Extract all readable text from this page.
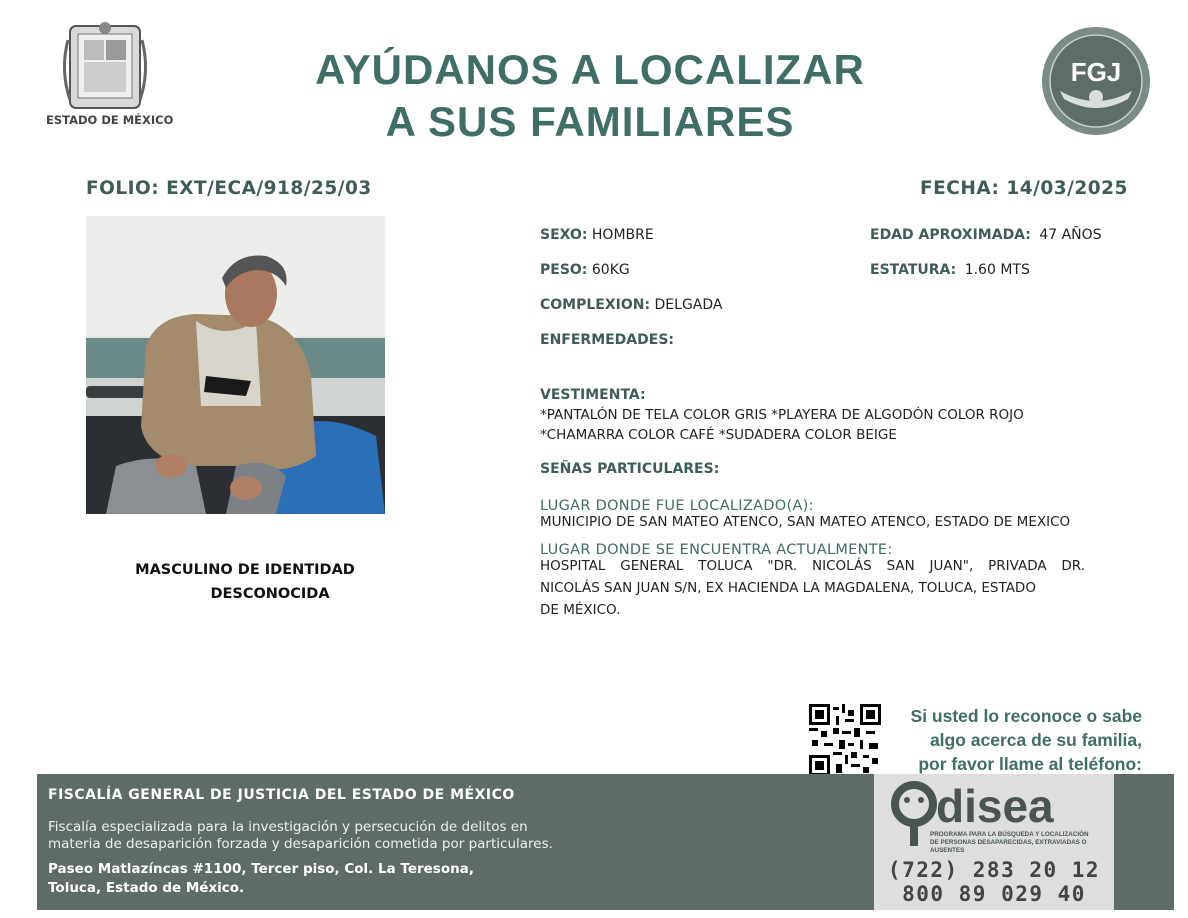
ESTADO DE MÉXICO
AYÚDANOS A LOCALIZAR
A SUS FAMILIARES
FGJ
FOLIO: EXT/ECA/918/25/03	FECHA: 14/03/2025
MASCULINO DE IDENTIDAD
DESCONOCIDA
SEXO: HOMBRE	EDAD APROXIMADA: 47 AÑOS
PESO: 60KG	ESTATURA: 1.60 MTS
COMPLEXION: DELGADA
ENFERMEDADES:
VESTIMENTA:
*PANTALÓN DE TELA COLOR GRIS *PLAYERA DE ALGODÓN COLOR ROJO
*CHAMARRA COLOR CAFÉ *SUDADERA COLOR BEIGE
SEÑAS PARTICULARES:
LUGAR DONDE FUE LOCALIZADO(A):
MUNICIPIO DE SAN MATEO ATENCO, SAN MATEO ATENCO, ESTADO DE MEXICO
LUGAR DONDE SE ENCUENTRA ACTUALMENTE:
HOSPITAL GENERAL TOLUCA "DR. NICOLÁS SAN JUAN", PRIVADA DR.
NICOLÁS SAN JUAN S/N, EX HACIENDA LA MAGDALENA, TOLUCA, ESTADO
DE MÉXICO.
Si usted lo reconoce o sabe
algo acerca de su familia,
por favor llame al teléfono:
FISCALÍA GENERAL DE JUSTICIA DEL ESTADO DE MÉXICO
Fiscalía especializada para la investigación y persecución de delitos en
materia de desaparición forzada y desaparición cometida por particulares.
Paseo Matlazíncas #1100, Tercer piso, Col. La Teresona,
Toluca, Estado de México.
disea
PROGRAMA PARA LA BÚSQUEDA Y LOCALIZACIÓN
DE PERSONAS DESAPARECIDAS, EXTRAVIADAS O
AUSENTES
(722) 283 20 12
800 89 029 40
